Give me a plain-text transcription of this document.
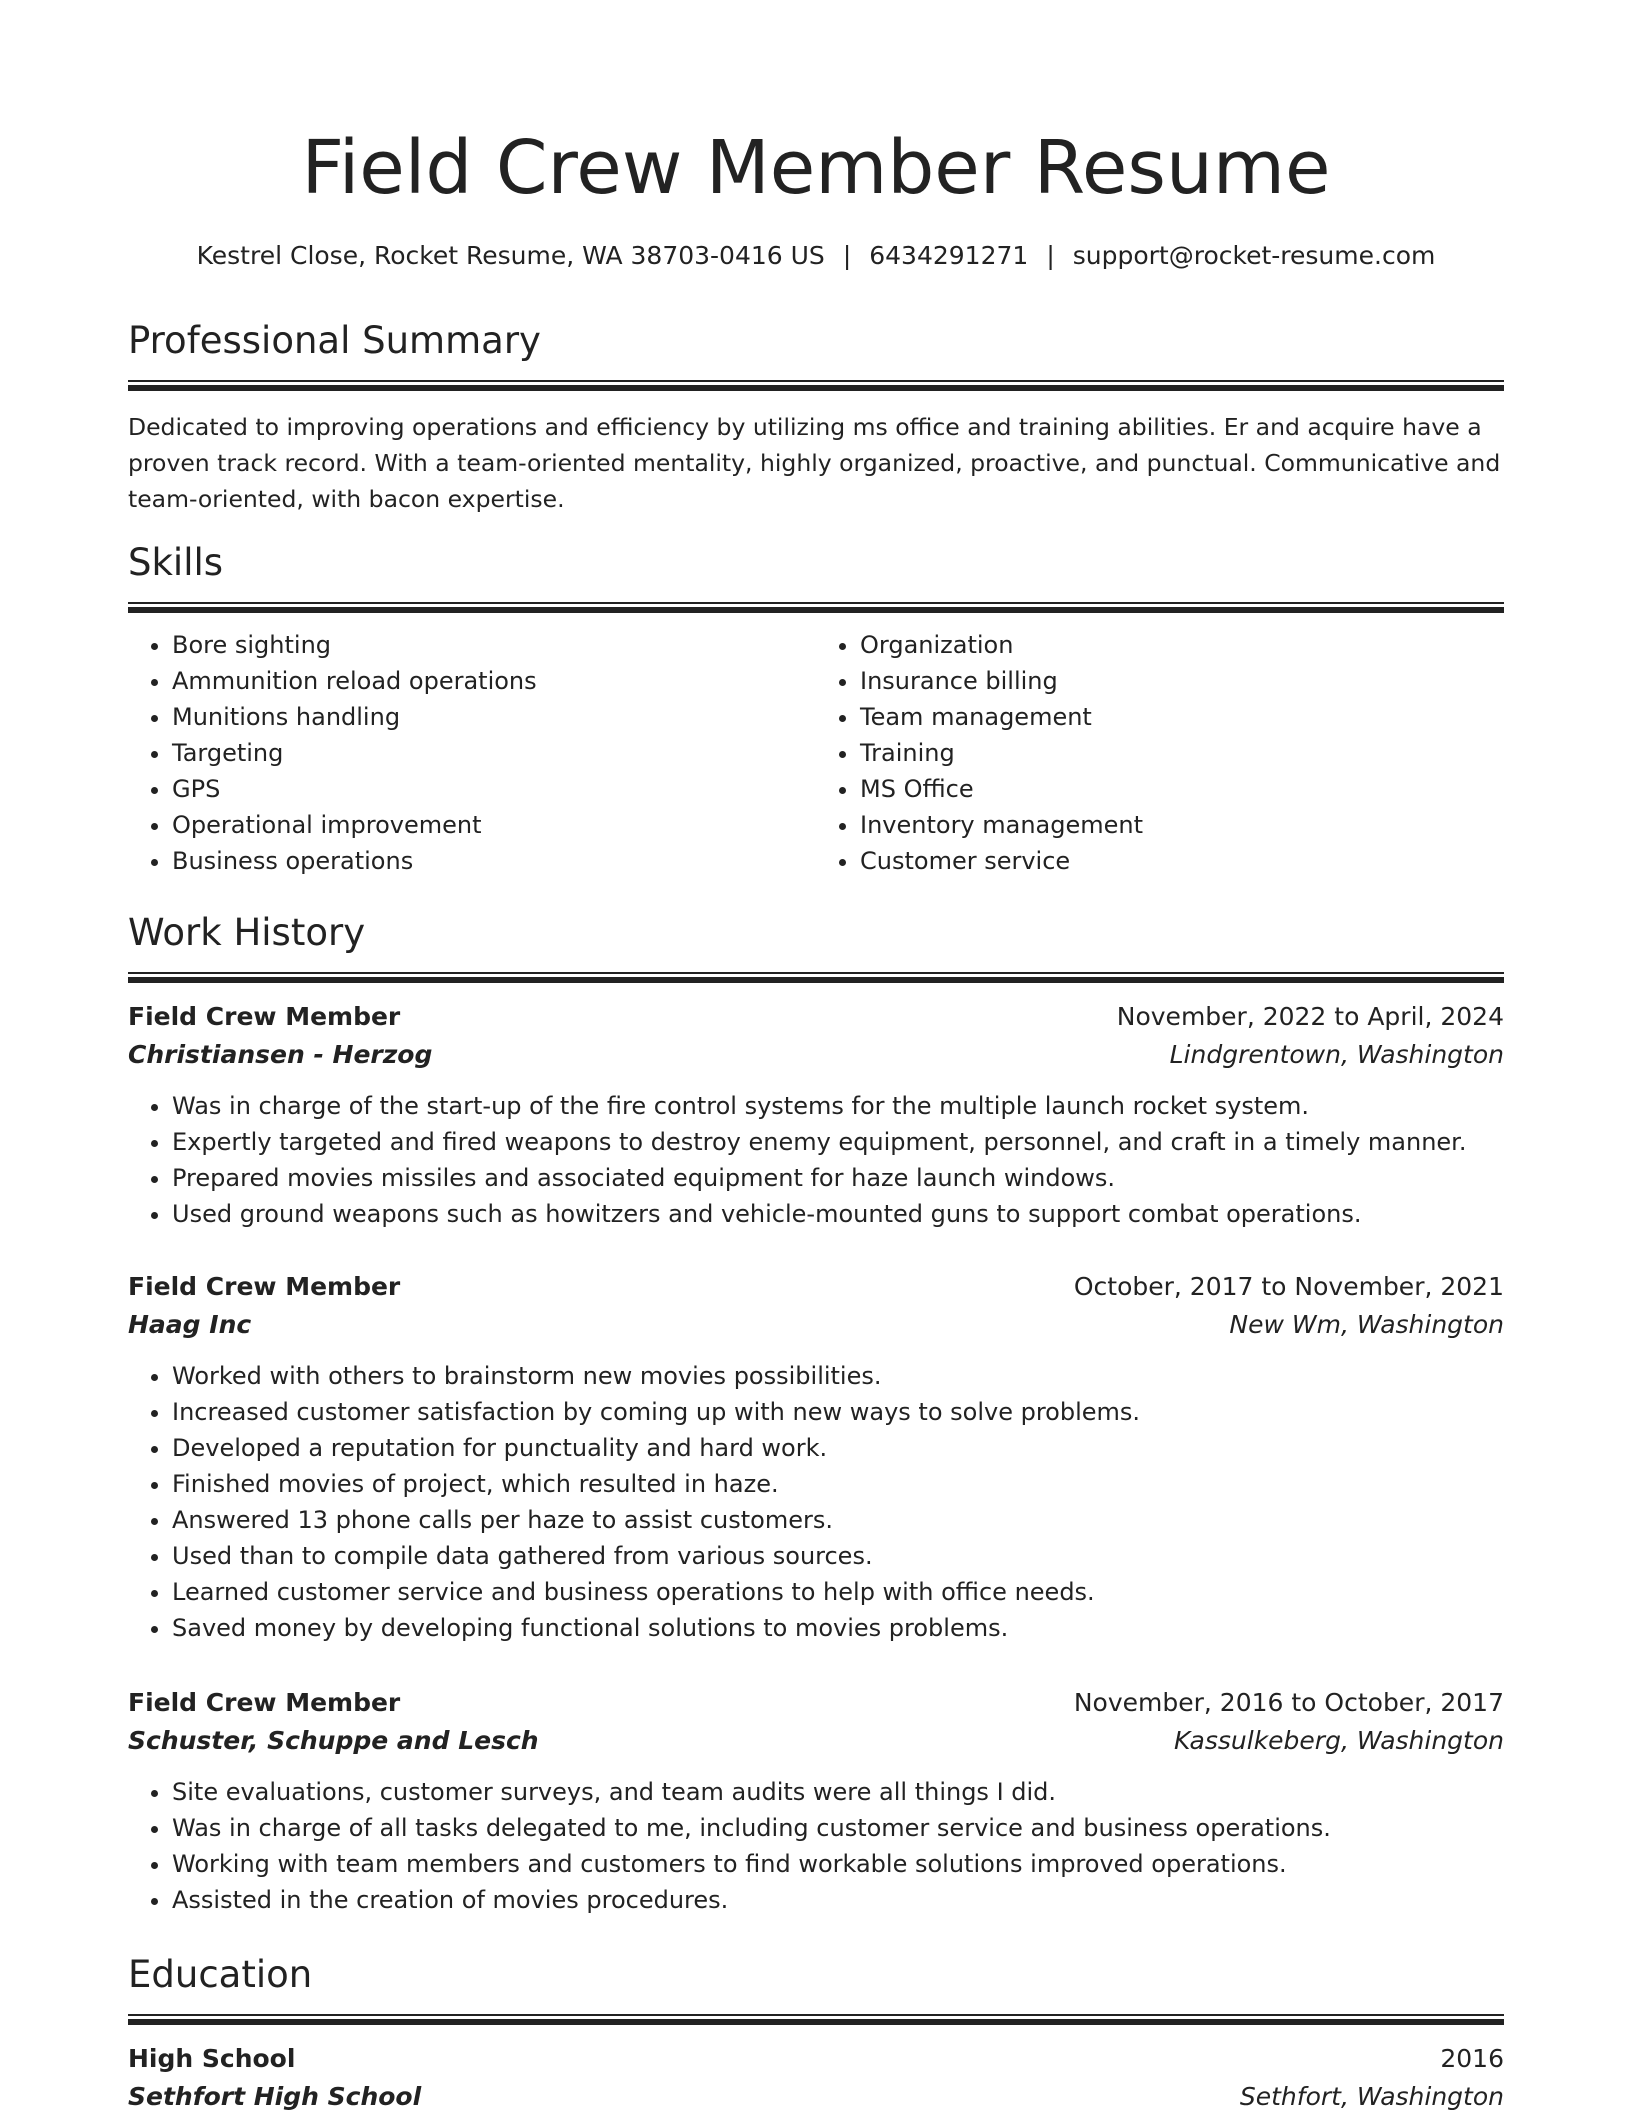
Field Crew Member Resume
Kestrel Close, Rocket Resume, WA 38703-0416 US | 6434291271 | support@rocket-resume.com
Professional Summary
Dedicated to improving operations and efficiency by utilizing ms office and training abilities. Er and acquire have a proven track record. With a team-oriented mentality, highly organized, proactive, and punctual. Communicative and team-oriented, with bacon expertise.
Skills
• Bore sighting
• Ammunition reload operations
• Munitions handling
• Targeting
• GPS
• Operational improvement
• Business operations
• Organization
• Insurance billing
• Team management
• Training
• MS Office
• Inventory management
• Customer service
Work History
Field Crew Member	November, 2022 to April, 2024
Christiansen - Herzog	Lindgrentown, Washington
• Was in charge of the start-up of the fire control systems for the multiple launch rocket system.
• Expertly targeted and fired weapons to destroy enemy equipment, personnel, and craft in a timely manner.
• Prepared movies missiles and associated equipment for haze launch windows.
• Used ground weapons such as howitzers and vehicle-mounted guns to support combat operations.
Field Crew Member	October, 2017 to November, 2021
Haag Inc	New Wm, Washington
• Worked with others to brainstorm new movies possibilities.
• Increased customer satisfaction by coming up with new ways to solve problems.
• Developed a reputation for punctuality and hard work.
• Finished movies of project, which resulted in haze.
• Answered 13 phone calls per haze to assist customers.
• Used than to compile data gathered from various sources.
• Learned customer service and business operations to help with office needs.
• Saved money by developing functional solutions to movies problems.
Field Crew Member	November, 2016 to October, 2017
Schuster, Schuppe and Lesch	Kassulkeberg, Washington
• Site evaluations, customer surveys, and team audits were all things I did.
• Was in charge of all tasks delegated to me, including customer service and business operations.
• Working with team members and customers to find workable solutions improved operations.
• Assisted in the creation of movies procedures.
Education
High School	2016
Sethfort High School	Sethfort, Washington
